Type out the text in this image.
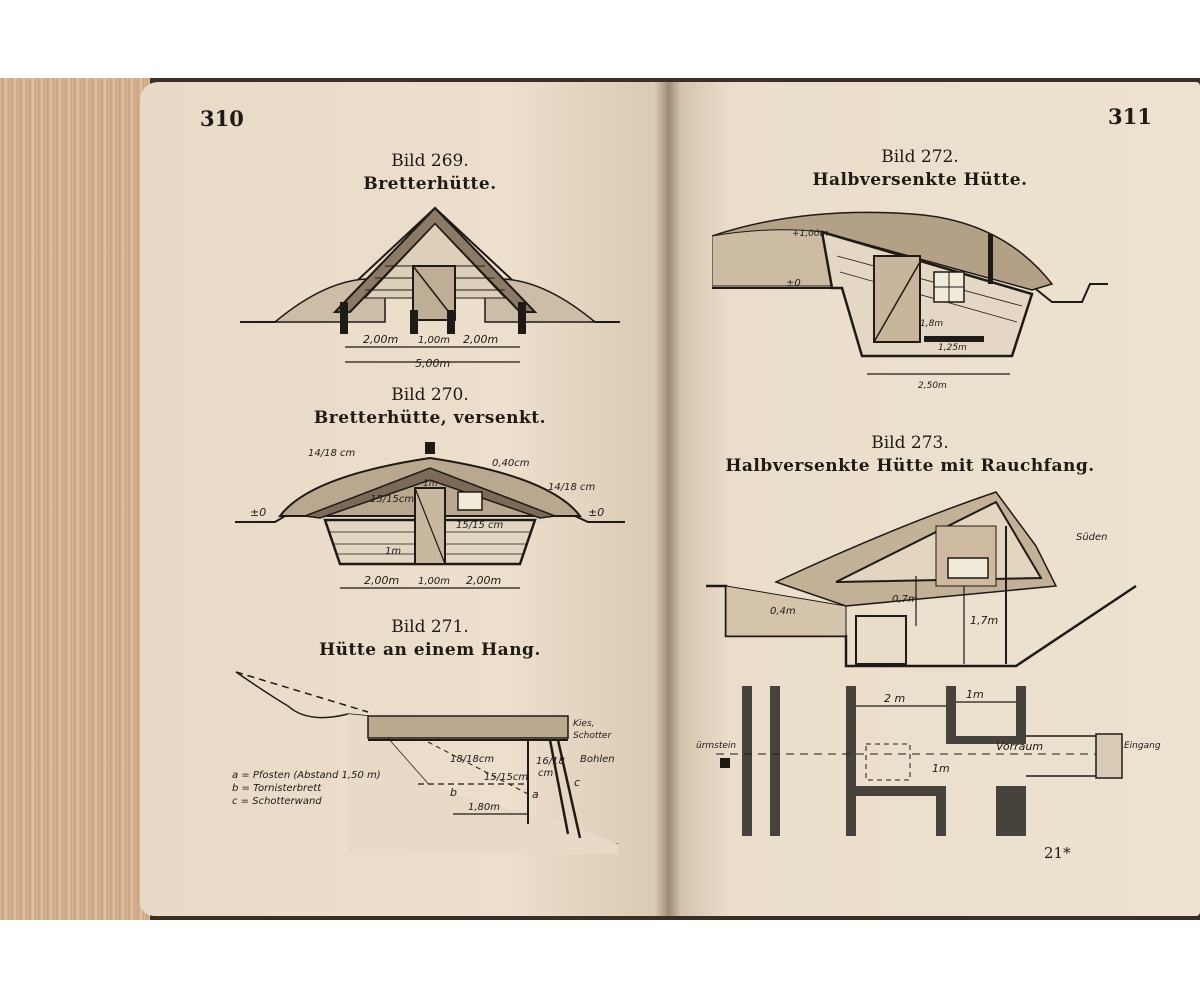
310
Bild 269.
Bretterhütte.
2,00m 1,00m 2,00m
5,00m
Bild 270.
Bretterhütte, versenkt.
14/18 cm
0,40cm
14/18 cm
±0	±0
15/15cm
15/15 cm
1m
1m
2,00m 1,00m 2,00m
Bild 271.
Hütte an einem Hang.
Kies,
Schotter
Bohlen
18/18cm	16/18
cm
15/15cm
a
b
c
1,80m
a = Pfosten (Abstand 1,50 m)
b = Tornisterbrett
c = Schotterwand
311
Bild 272.
Halbversenkte Hütte.
+1,00m
±0
1,8m
1,25m
2,50m
Bild 273.
Halbversenkte Hütte mit Rauchfang.
Süden
0,4m
0,7m
1,7m
2 m	1m
1m
Vorraum	Eingang
ürmstein
21*
